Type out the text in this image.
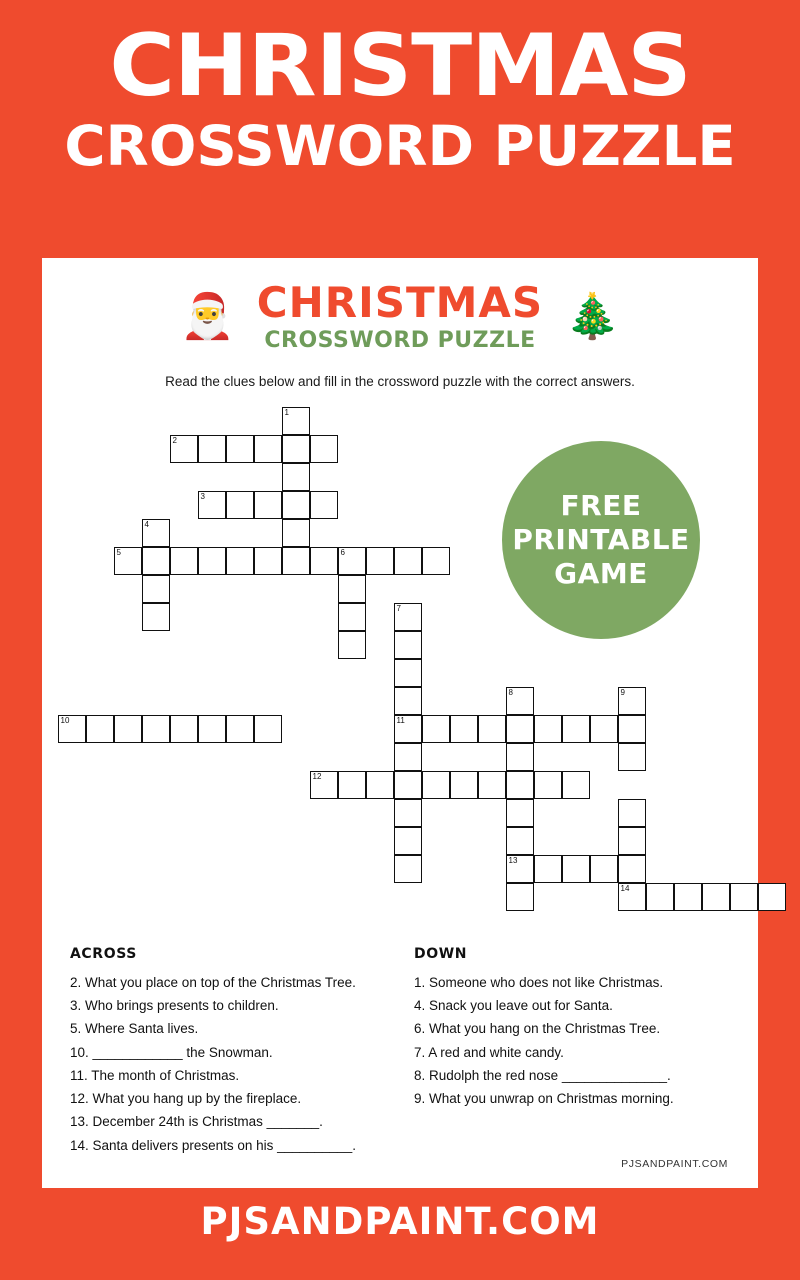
CHRISTMAS
CROSSWORD PUZZLE
🎅 CHRISTMAS
CROSSWORD PUZZLE 🎄
Read the clues below and fill in the crossword puzzle with the correct answers.
1
2
3
4
5	6
7
8	9
10	11
12
13
14
FREE
PRINTABLE
GAME
ACROSS
2. What you place on top of the Christmas Tree.
3. Who brings presents to children.
5. Where Santa lives.
10. ____________ the Snowman.
11. The month of Christmas.
12. What you hang up by the fireplace.
13. December 24th is Christmas _______.
14. Santa delivers presents on his __________.
DOWN
1. Someone who does not like Christmas.
4. Snack you leave out for Santa.
6. What you hang on the Christmas Tree.
7. A red and white candy.
8. Rudolph the red nose ______________.
9. What you unwrap on Christmas morning.
PJSANDPAINT.COM
PJSANDPAINT.COM
